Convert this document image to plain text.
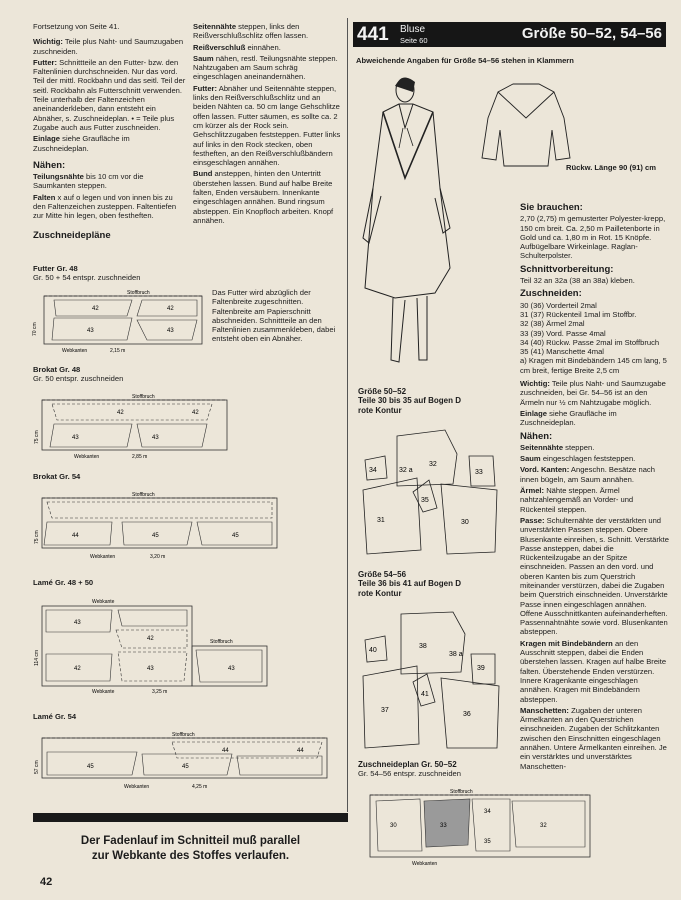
Fortsetzung von Seite 41.

Wichtig: Teile plus Naht- und Saumzugaben zuschneiden.

Futter: Schnittteile an den Futter- bzw. den Faltenlinien durchschneiden. Nur das vord. Teil der mittl. Rockbahn und das seitl. Teil der seitl. Rockbahn als Futterschnitt verwenden. Teile unterhalb der Faltenzeichen aneinanderkleben, dann entsteht ein Abnäher, s. Zuschneideplan. • = Teile plus Zugabe auch aus Futter zuschneiden.

Einlage siehe Graufläche im Zuschneideplan.

Nähen:

Teilungsnähte bis 10 cm vor die Saumkanten steppen.

Falten x auf o legen und von innen bis zu den Faltenzeichen zusteppen. Faltentiefen zur Mitte hin legen, oben festheften.

Zuschneidepläne

Futter Gr. 48
Gr. 50 + 54 entspr. zuschneiden
Stoffbruch
42	42
43	43
70 cm
Webkanten	2,15 m
Brokat Gr. 48
Gr. 50 entspr. zuschneiden
Stoffbruch
42	42
43	43
75 cm
Webkanten	2,85 m
Brokat Gr. 54
Stoffbruch
44	45	45
75 cm
Webkanten	3,20 m
Lamé Gr. 48 + 50
Webkante
Stoffbruch
43
42
42	43	43
114 cm
Webkante	3,25 m
Lamé Gr. 54
Stoffbruch
44	44
45	45
57 cm
Webkanten	4,25 m

Seitennähte steppen, links den Reißverschlußschlitz offen lassen.

Reißverschluß einnähen.

Saum nähen, restl. Teilungsnähte steppen. Nahtzugaben am Saum schräg eingeschlagen aneinandernähen.

Futter: Abnäher und Seitennähte steppen, links den Reißverschlußschlitz und an beiden Nähten ca. 50 cm lange Gehschlitze offen lassen. Futter säumen, es sollte ca. 2 cm kürzer als der Rock sein. Gehschlitzzugaben feststeppen. Futter links auf links in den Rock stecken, oben festheften, an den Reißverschlußbändern einsgeschlagen annähen.

Bund ansteppen, hinten den Untertritt überstehen lassen. Bund auf halbe Breite falten, Enden versäubern. Innenkante eingeschlagen annähen. Bund ringsum absteppen. Ein Knopfloch arbeiten. Knopf annähen.

Das Futter wird abzüglich der Faltenbreite zugeschnitten. Faltenbreite am Papierschnitt abschneiden. Schnittteile an den Faltenlinien zusammenkleben, dabei entsteht oben ein Abnäher.
441 Bluse
Seite 60	Größe 50–52, 54–56
Abweichende Angaben für Größe 54–56 stehen in Klammern
Rückw. Länge 90 (91) cm

Sie brauchen:

2,70 (2,75) m gemusterter Polyester-krepp, 150 cm breit. Ca. 2,50 m Pailletenborte in Gold und ca. 1,80 m in Rot. 15 Knöpfe. Aufbügelbare Wirkeinlage. Raglan-Schulterpolster.

Schnittvorbereitung:

Teil 32 an 32a (38 an 38a) kleben.

Zuschneiden:

30 (36) Vorderteil 2mal
31 (37) Rückenteil 1mal im Stoffbr.
32 (38) Ärmel 2mal
33 (39) Vord. Passe 4mal
34 (40) Rückw. Passe 2mal im Stoffbruch
35 (41) Manschette 4mal
a) Kragen mit Bindebändern 145 cm lang, 5 cm breit, fertige Breite 2,5 cm

Wichtig: Teile plus Naht- und Saumzugabe zuschneiden, bei Gr. 54–56 ist an den Ärmeln nur ½ cm Nahtzugabe möglich.

Einlage siehe Graufläche im Zuschneideplan.

Nähen:

Seitennähte steppen.

Saum eingeschlagen feststeppen.

Vord. Kanten: Angeschn. Besätze nach innen bügeln, am Saum annähen.

Ärmel: Nähte steppen. Ärmel nahtzahlengemäß an Vorder- und Rückenteil steppen.

Passe: Schulternähte der verstärkten und unverstärkten Passen steppen. Obere Blusenkante einreihen, s. Schnitt. Verstärkte Passe ansteppen, dabei die Rückenteilzugabe an der Spitze einschneiden. Passen an den vord. und oberen Kanten bis zum Querstrich miteinander verstürzen, dabei die Zugaben beim Querstrich einschneiden. Unverstärkte Passe innen eingeschlagen annähen. Offene Ausschnittkanten aufeinanderheften. Passennahtnähte sowie vord. Blusenkanten absteppen.

Kragen mit Bindebändern an den Ausschnitt steppen, dabei die Enden überstehen lassen. Kragen auf halbe Breite falten. Überstehende Enden verstürzen. Innere Kragenkante eingeschlagen annähen. Kragen mit Bindebändern absteppen.

Manschetten: Zugaben der unteren Ärmelkanten an den Querstrichen einschneiden. Zugaben der Schlitzkanten zwischen den Einschnitten eingeschlagen annähen. Untere Ärmelkanten einreihen. Je ein verstärktes und unverstärktes Manschetten-

Größe 50–52
Teile 30 bis 35 auf Bogen D
rote Kontur
34	32 a
32
33
31
35
30
Größe 54–56
Teile 36 bis 41 auf Bogen D
rote Kontur
40
38
38 a
39
37
41
36
Zuschneideplan Gr. 50–52
Gr. 54–56 entspr. zuschneiden
Stoffbruch
30	33
34
35
32
Webkanten
Der Fadenlauf im Schnitteil muß parallel
zur Webkante des Stoffes verlaufen.
42
